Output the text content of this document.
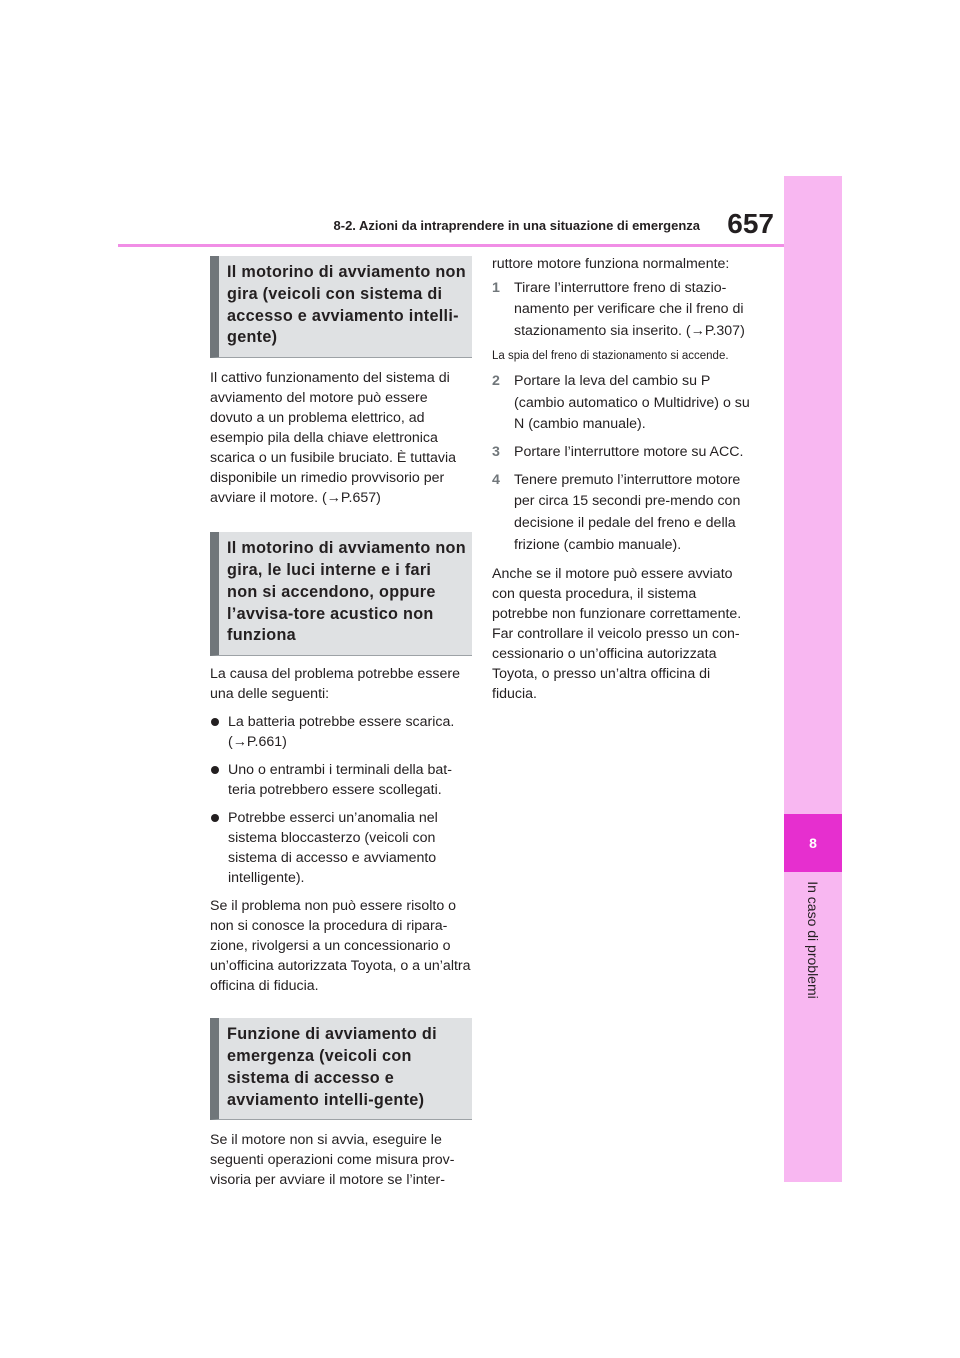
8
In caso di problemi
8-2. Azioni da intraprendere in una situazione di emergenza 657
Il motorino di avviamento non gira (veicoli con sistema di accesso e avviamento intelli-gente)

Il cattivo funzionamento del sistema di avviamento del motore può essere dovuto a un problema elettrico, ad esempio pila della chiave elettronica scarica o un fusibile bruciato. È tuttavia disponibile un rimedio provvisorio per avviare il motore. (→P.657)

Il motorino di avviamento non gira, le luci interne e i fari non si accendono, oppure l’avvisa-tore acustico non funziona

La causa del problema potrebbe essere una delle seguenti:

La batteria potrebbe essere scarica. (→P.661)

Uno o entrambi i terminali della bat-teria potrebbero essere scollegati.

Potrebbe esserci un’anomalia nel sistema bloccasterzo (veicoli con sistema di accesso e avviamento intelligente).

Se il problema non può essere risolto o non si conosce la procedura di ripara-zione, rivolgersi a un concessionario o un’officina autorizzata Toyota, o a un’altra officina di fiducia.

Funzione di avviamento di emergenza (veicoli con sistema di accesso e avviamento intelli-gente)

Se il motore non si avvia, eseguire le seguenti operazioni come misura prov-visoria per avviare il motore se l’inter-

ruttore motore funziona normalmente:

1 Tirare l’interruttore freno di stazio-namento per verificare che il freno di stazionamento sia inserito. (→P.307)

La spia del freno di stazionamento si accende.

2 Portare la leva del cambio su P (cambio automatico o Multidrive) o su N (cambio manuale).
3 Portare l’interruttore motore su ACC.
4 Tenere premuto l’interruttore motore per circa 15 secondi pre-mendo con decisione il pedale del freno e della frizione (cambio manuale).

Anche se il motore può essere avviato con questa procedura, il sistema potrebbe non funzionare correttamente. Far controllare il veicolo presso un con-cessionario o un’officina autorizzata Toyota, o presso un’altra officina di fiducia.
